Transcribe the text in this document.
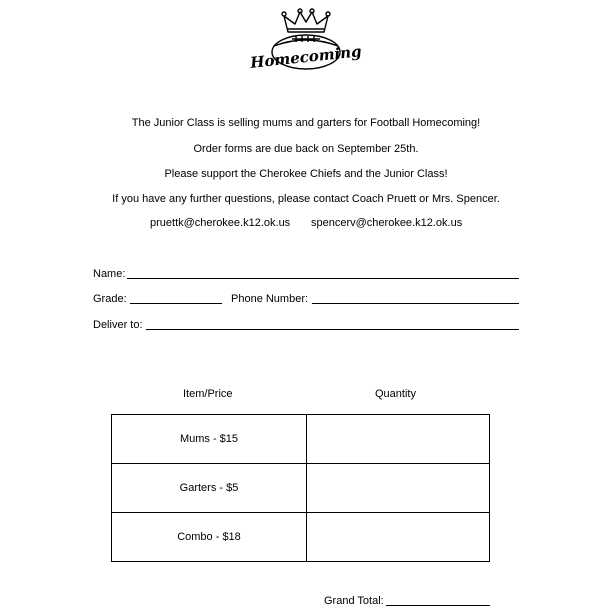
Homecoming
The Junior Class is selling mums and garters for Football Homecoming!
Order forms are due back on September 25th.
Please support the Cherokee Chiefs and the Junior Class!
If you have any further questions, please contact Coach Pruett or Mrs. Spencer.
pruettk@cherokee.k12.ok.us spencerv@cherokee.k12.ok.us
Name:
Grade:	Phone Number:
Deliver to:
Item/Price	Quantity
Mums - $15	
Garters - $5	
Combo - $18	
Grand Total:
